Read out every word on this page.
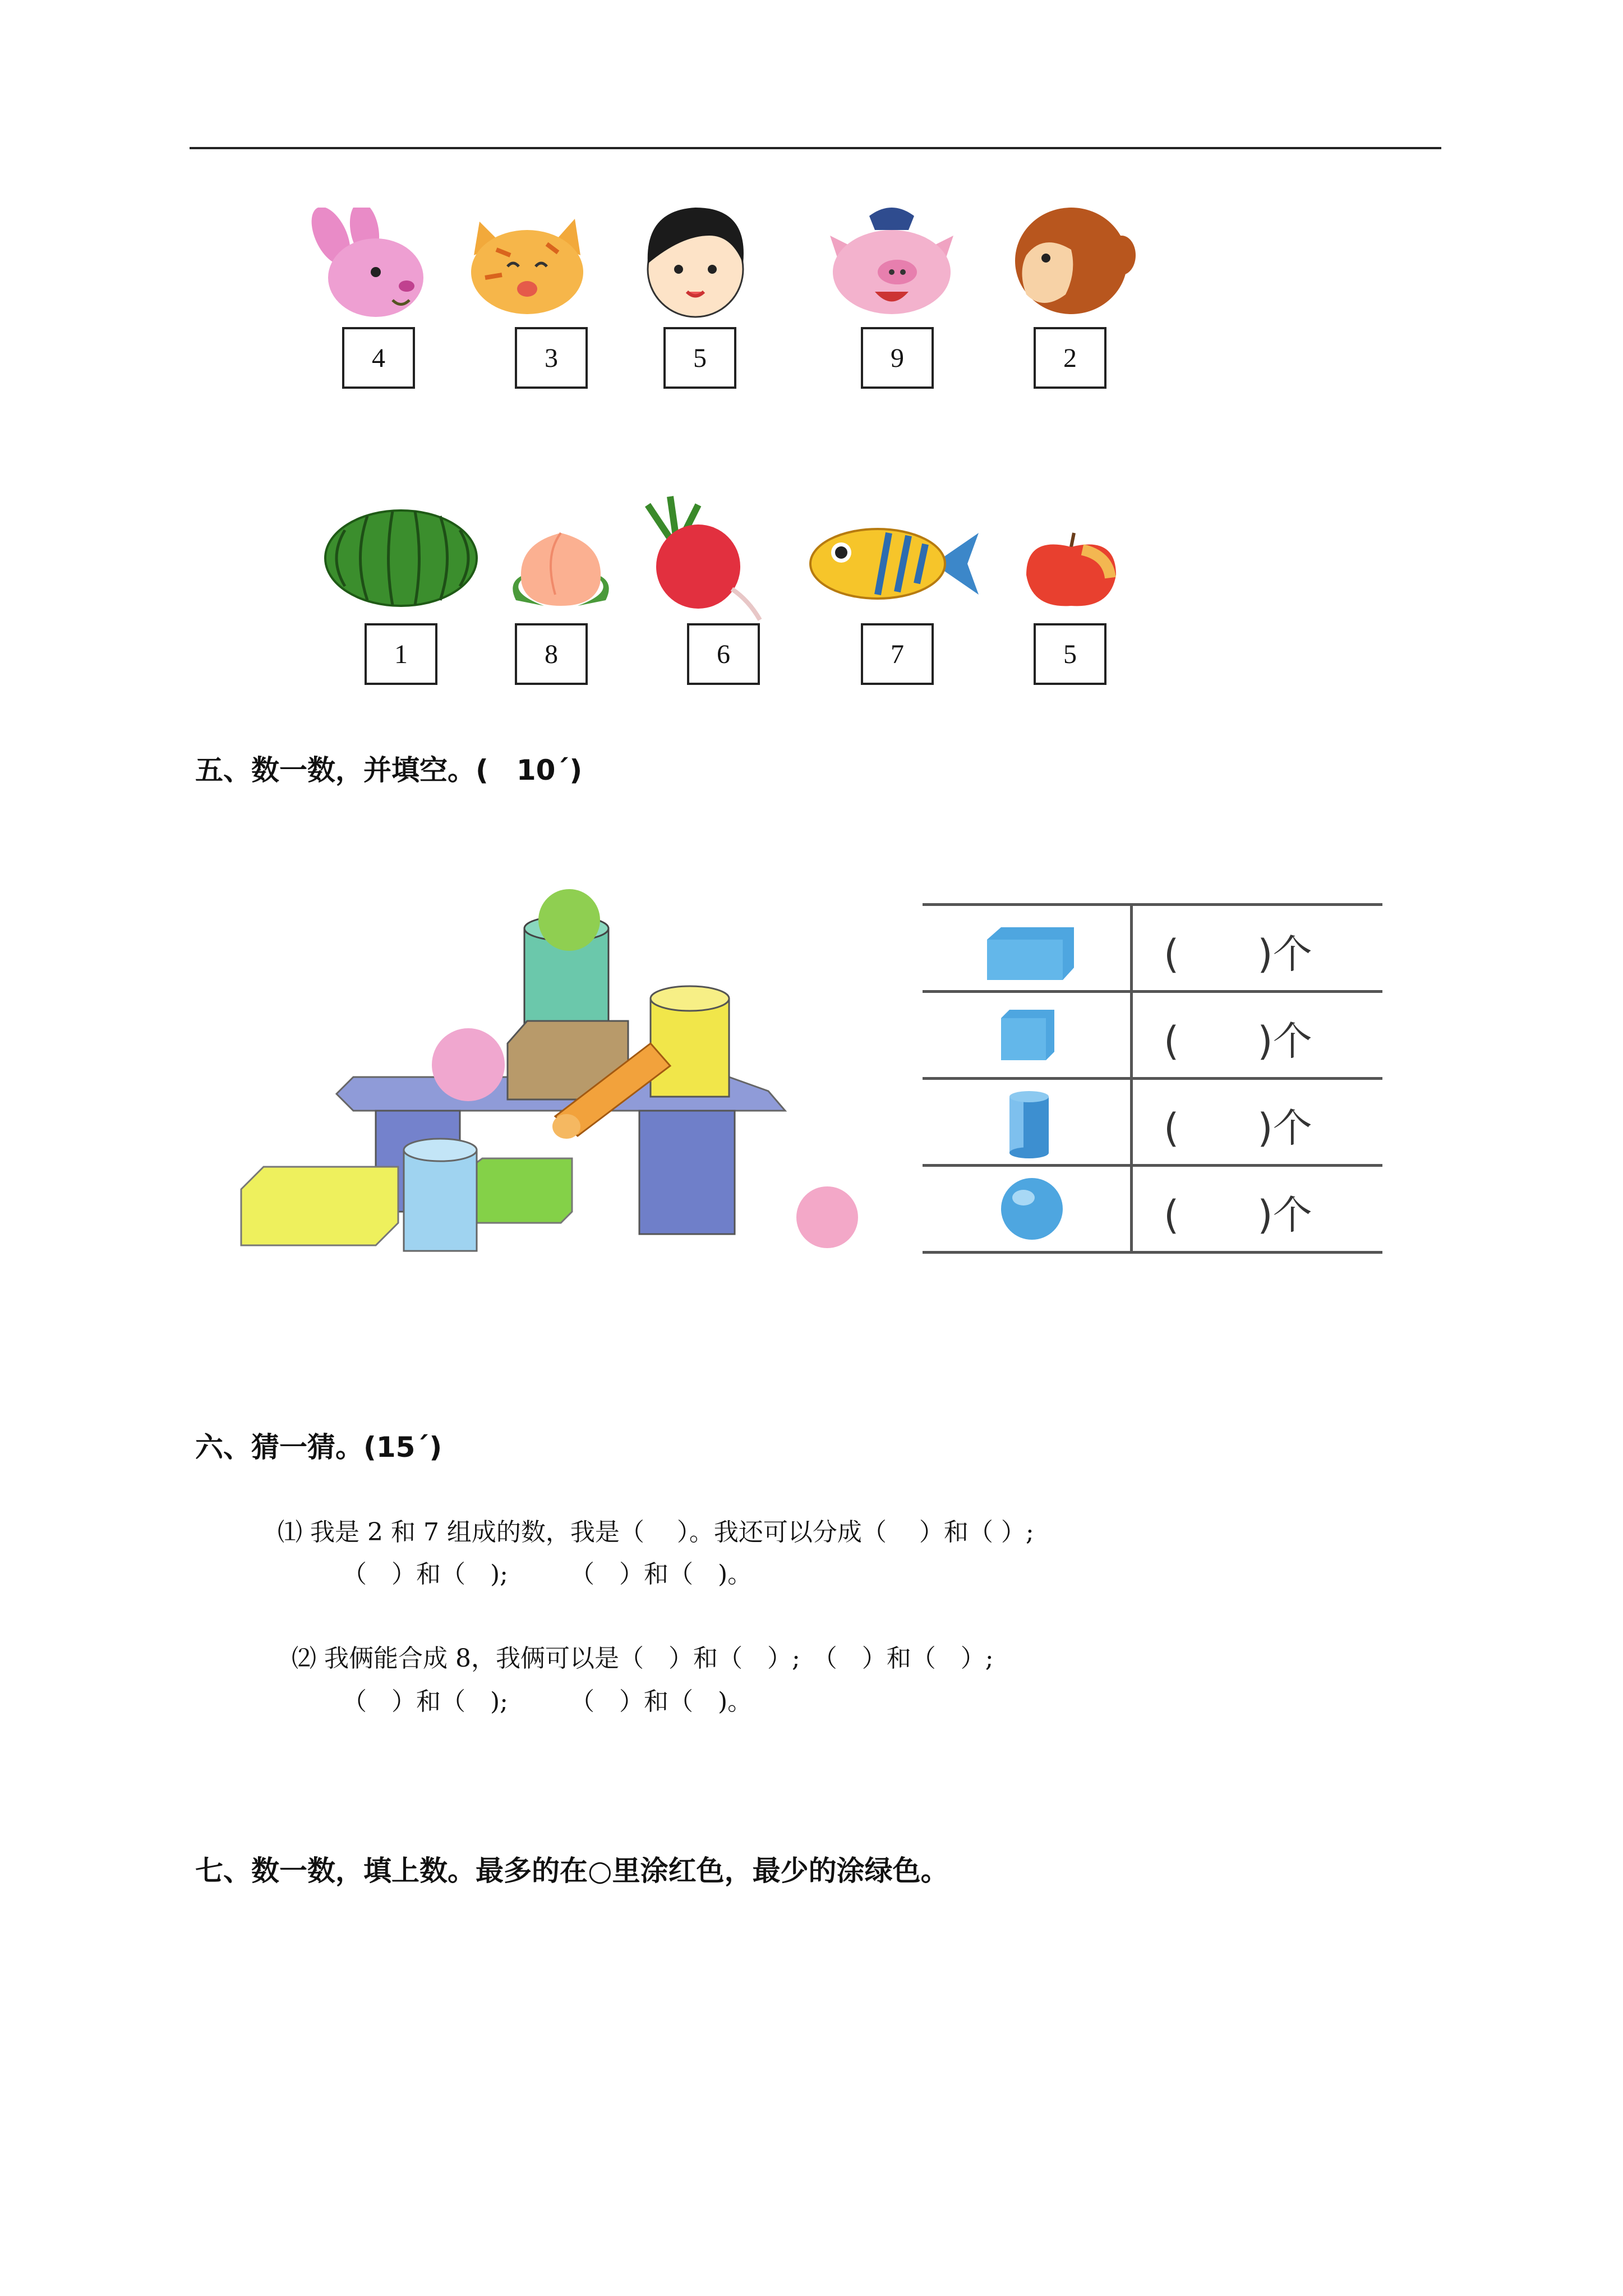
4	3	5	9	2
1	8	6	7	5
五、数一数，并填空。(　10´)
(　　)个
(　　)个
(　　)个
(　　)个
六、猜一猜。(15´)
⑴ 我是 2 和 7 组成的数，我是（　 ）。我还可以分成（　 ）和（ ）;
（　）和（　);　　　（　）和（　)。
⑵ 我俩能合成 8，我俩可以是（　）和（　）;　（　）和（　）;
（　）和（　);　　　（　）和（　)。
七、数一数，填上数。最多的在○里涂红色，最少的涂绿色。
